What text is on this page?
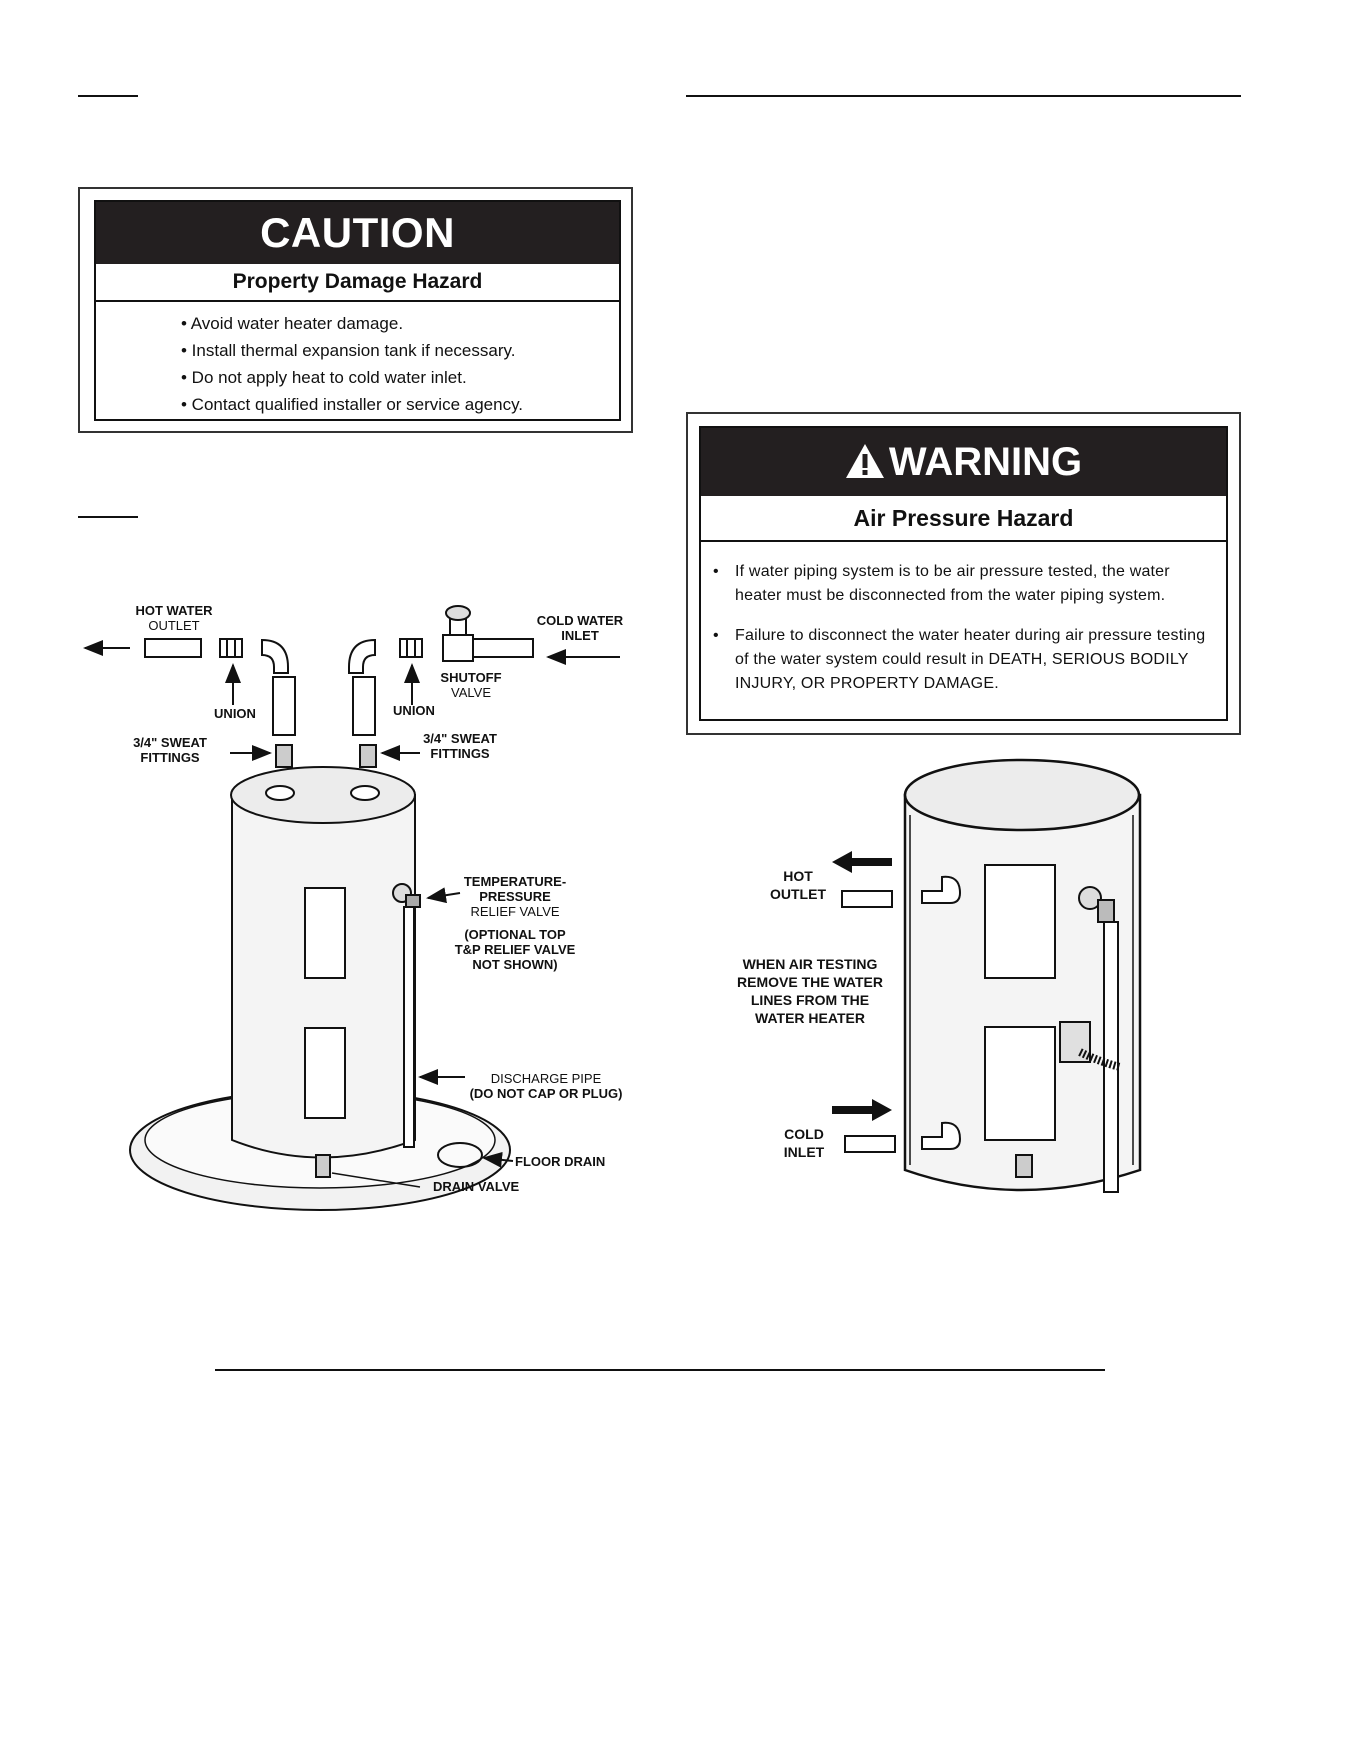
CAUTION
Property Damage Hazard
• Avoid water heater damage.
• Install thermal expansion tank if necessary.
• Do not apply heat to cold water inlet.
• Contact qualified installer or service agency.
WARNING
Air Pressure Hazard
• If water piping system is to be air pressure tested, the water heater must be disconnected from the water piping system.
• Failure to disconnect the water heater during air pressure testing of the water system could result in DEATH, SERIOUS BODILY INJURY, OR PROPERTY DAMAGE.
HOT WATER
OUTLET	COLD WATER
INLET
SHUTOFF
VALVE
UNION	UNION
3/4" SWEAT
FITTINGS
3/4" SWEAT
FITTINGS
TEMPERATURE-
PRESSURE
RELIEF VALVE
(OPTIONAL TOP
T&P RELIEF VALVE
NOT SHOWN)
DISCHARGE PIPE
(DO NOT CAP OR PLUG)
FLOOR DRAIN
DRAIN VALVE
HOT
OUTLET
WHEN AIR TESTING
REMOVE THE WATER
LINES FROM THE
WATER HEATER
COLD
INLET
